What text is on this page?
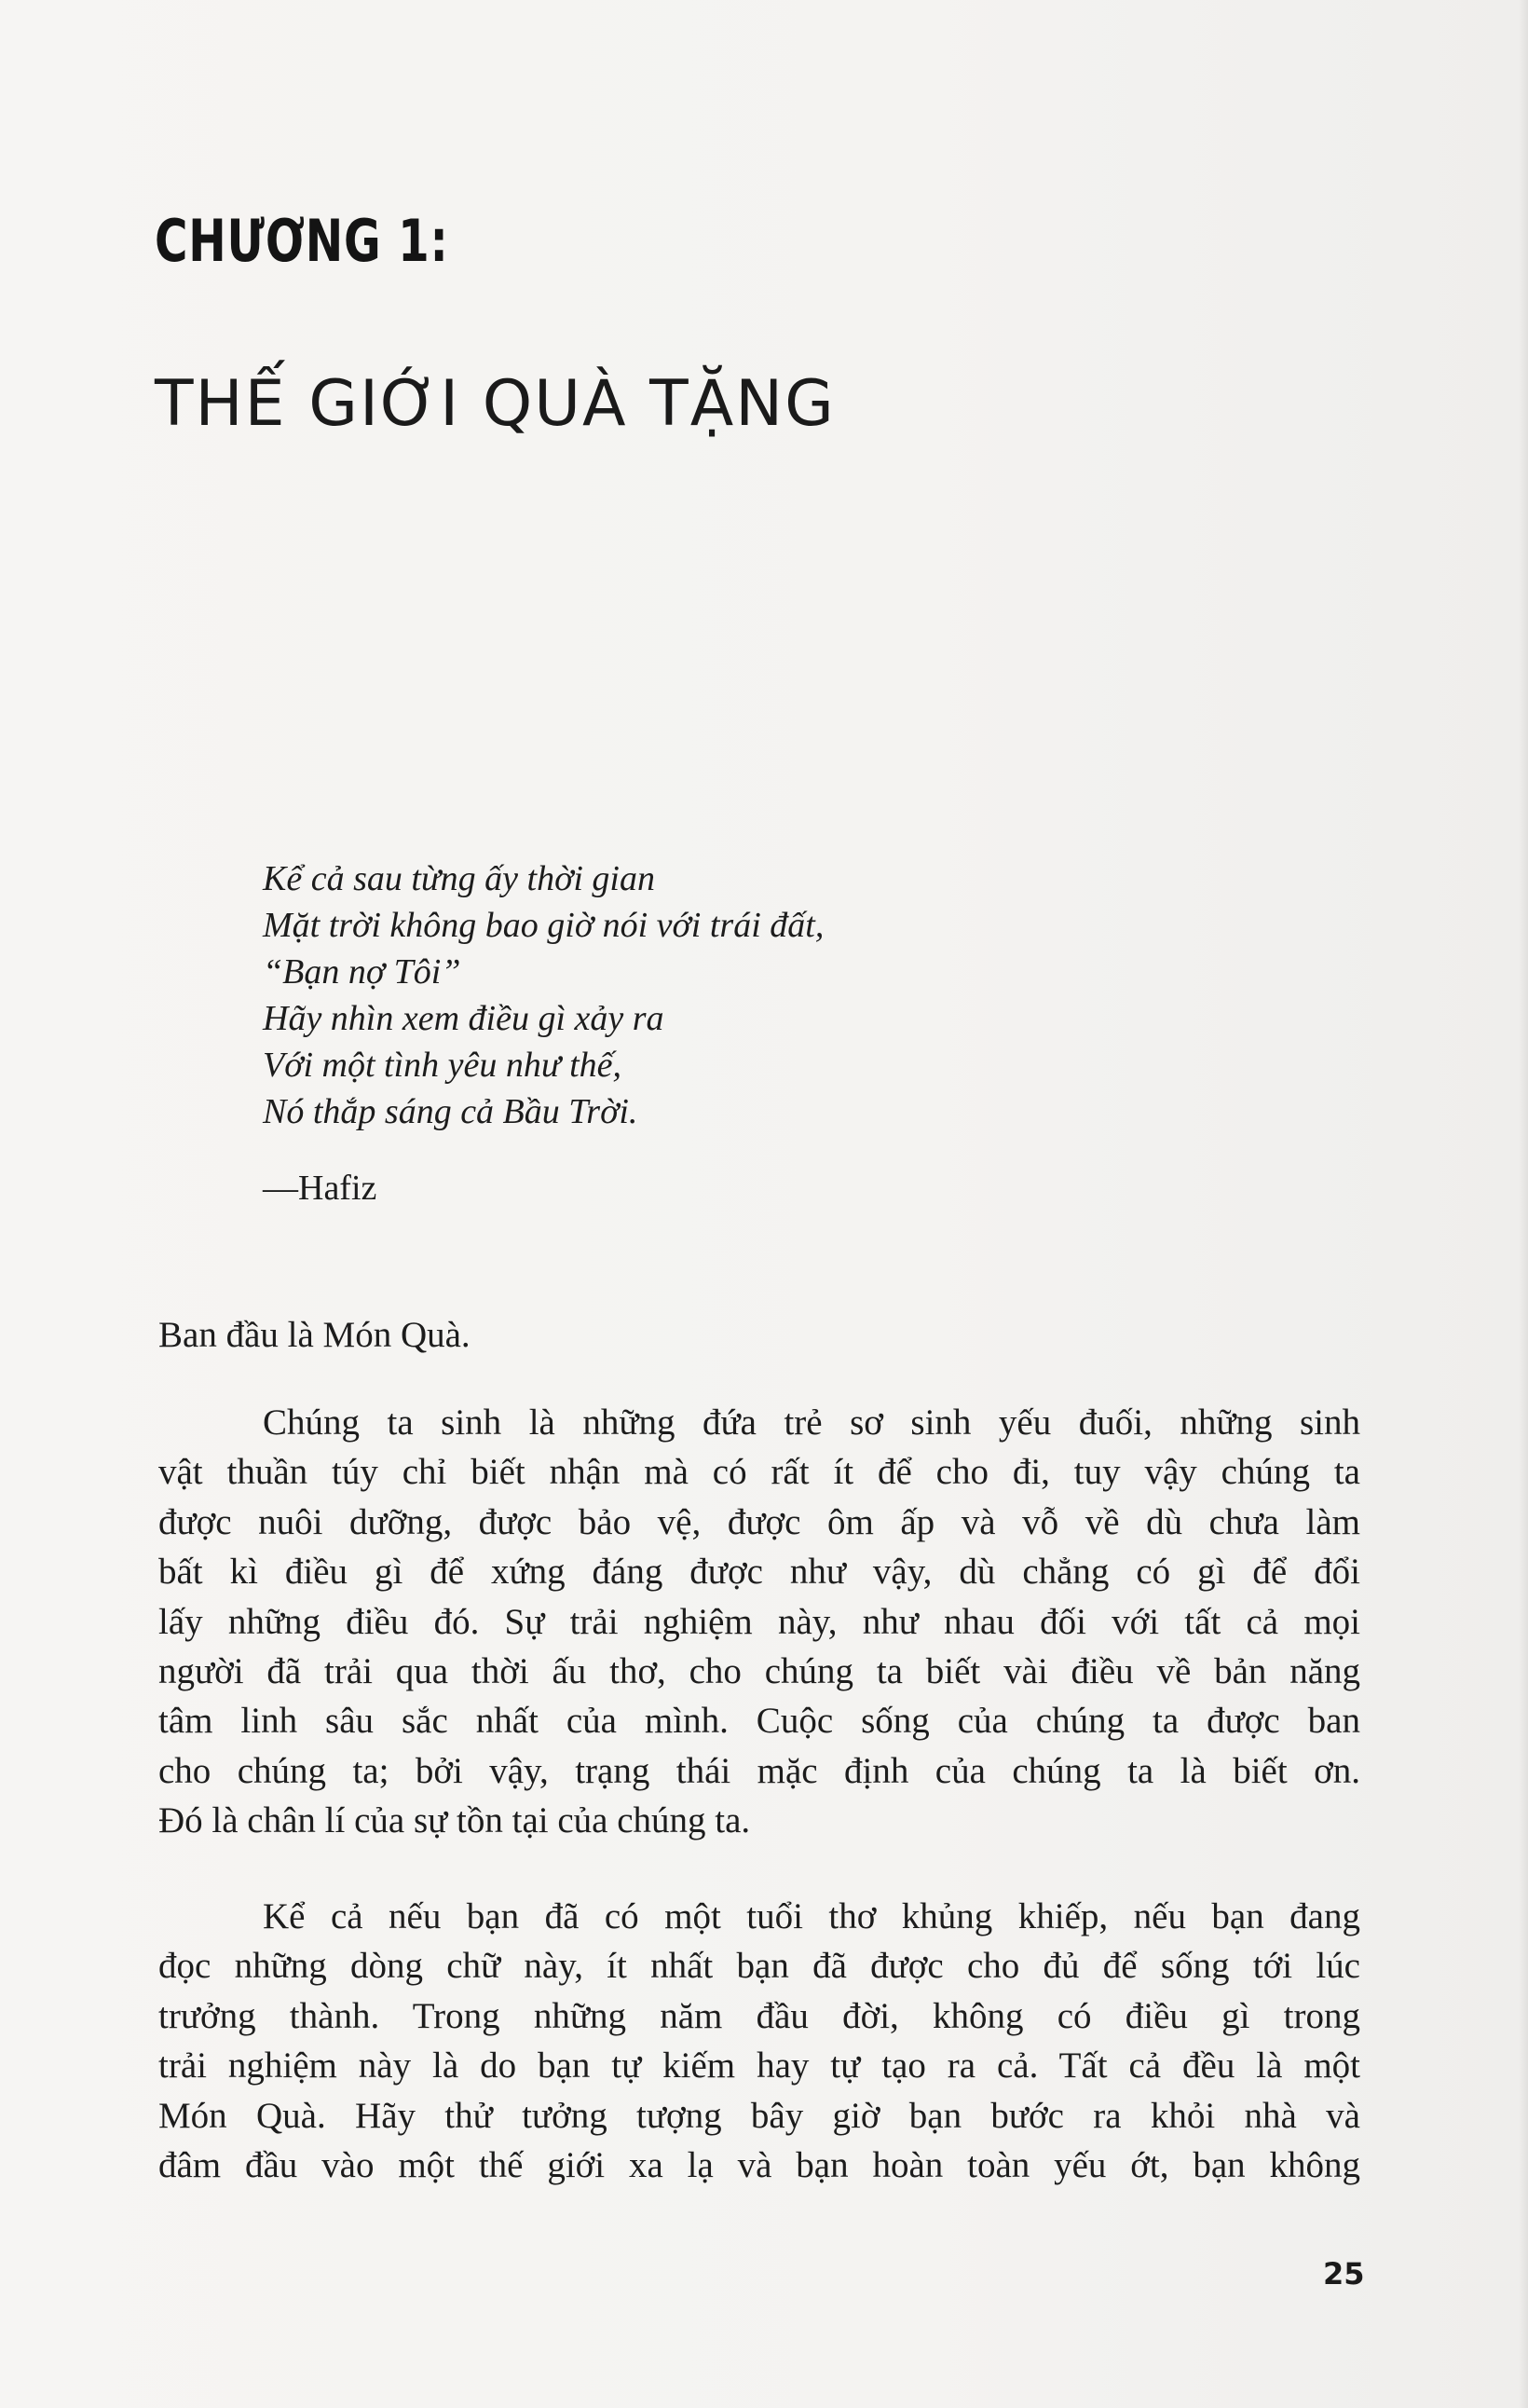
CHƯƠNG 1:
THẾ GIỚI QUÀ TẶNG
Kể cả sau từng ấy thời gian
Mặt trời không bao giờ nói với trái đất,
“Bạn nợ Tôi”
Hãy nhìn xem điều gì xảy ra
Với một tình yêu như thế,
Nó thắp sáng cả Bầu Trời.

—Hafiz

Ban đầu là Món Quà.
Chúng ta sinh là những đứa trẻ sơ sinh yếu đuối, những sinh
vật thuần túy chỉ biết nhận mà có rất ít để cho đi, tuy vậy chúng ta
được nuôi dưỡng, được bảo vệ, được ôm ấp và vỗ về dù chưa làm
bất kì điều gì để xứng đáng được như vậy, dù chẳng có gì để đổi
lấy những điều đó. Sự trải nghiệm này, như nhau đối với tất cả mọi
người đã trải qua thời ấu thơ, cho chúng ta biết vài điều về bản năng
tâm linh sâu sắc nhất của mình. Cuộc sống của chúng ta được ban
cho chúng ta; bởi vậy, trạng thái mặc định của chúng ta là biết ơn.
Đó là chân lí của sự tồn tại của chúng ta.
Kể cả nếu bạn đã có một tuổi thơ khủng khiếp, nếu bạn đang
đọc những dòng chữ này, ít nhất bạn đã được cho đủ để sống tới lúc
trưởng thành. Trong những năm đầu đời, không có điều gì trong
trải nghiệm này là do bạn tự kiếm hay tự tạo ra cả. Tất cả đều là một
Món Quà. Hãy thử tưởng tượng bây giờ bạn bước ra khỏi nhà và
đâm đầu vào một thế giới xa lạ và bạn hoàn toàn yếu ớt, bạn không

25
